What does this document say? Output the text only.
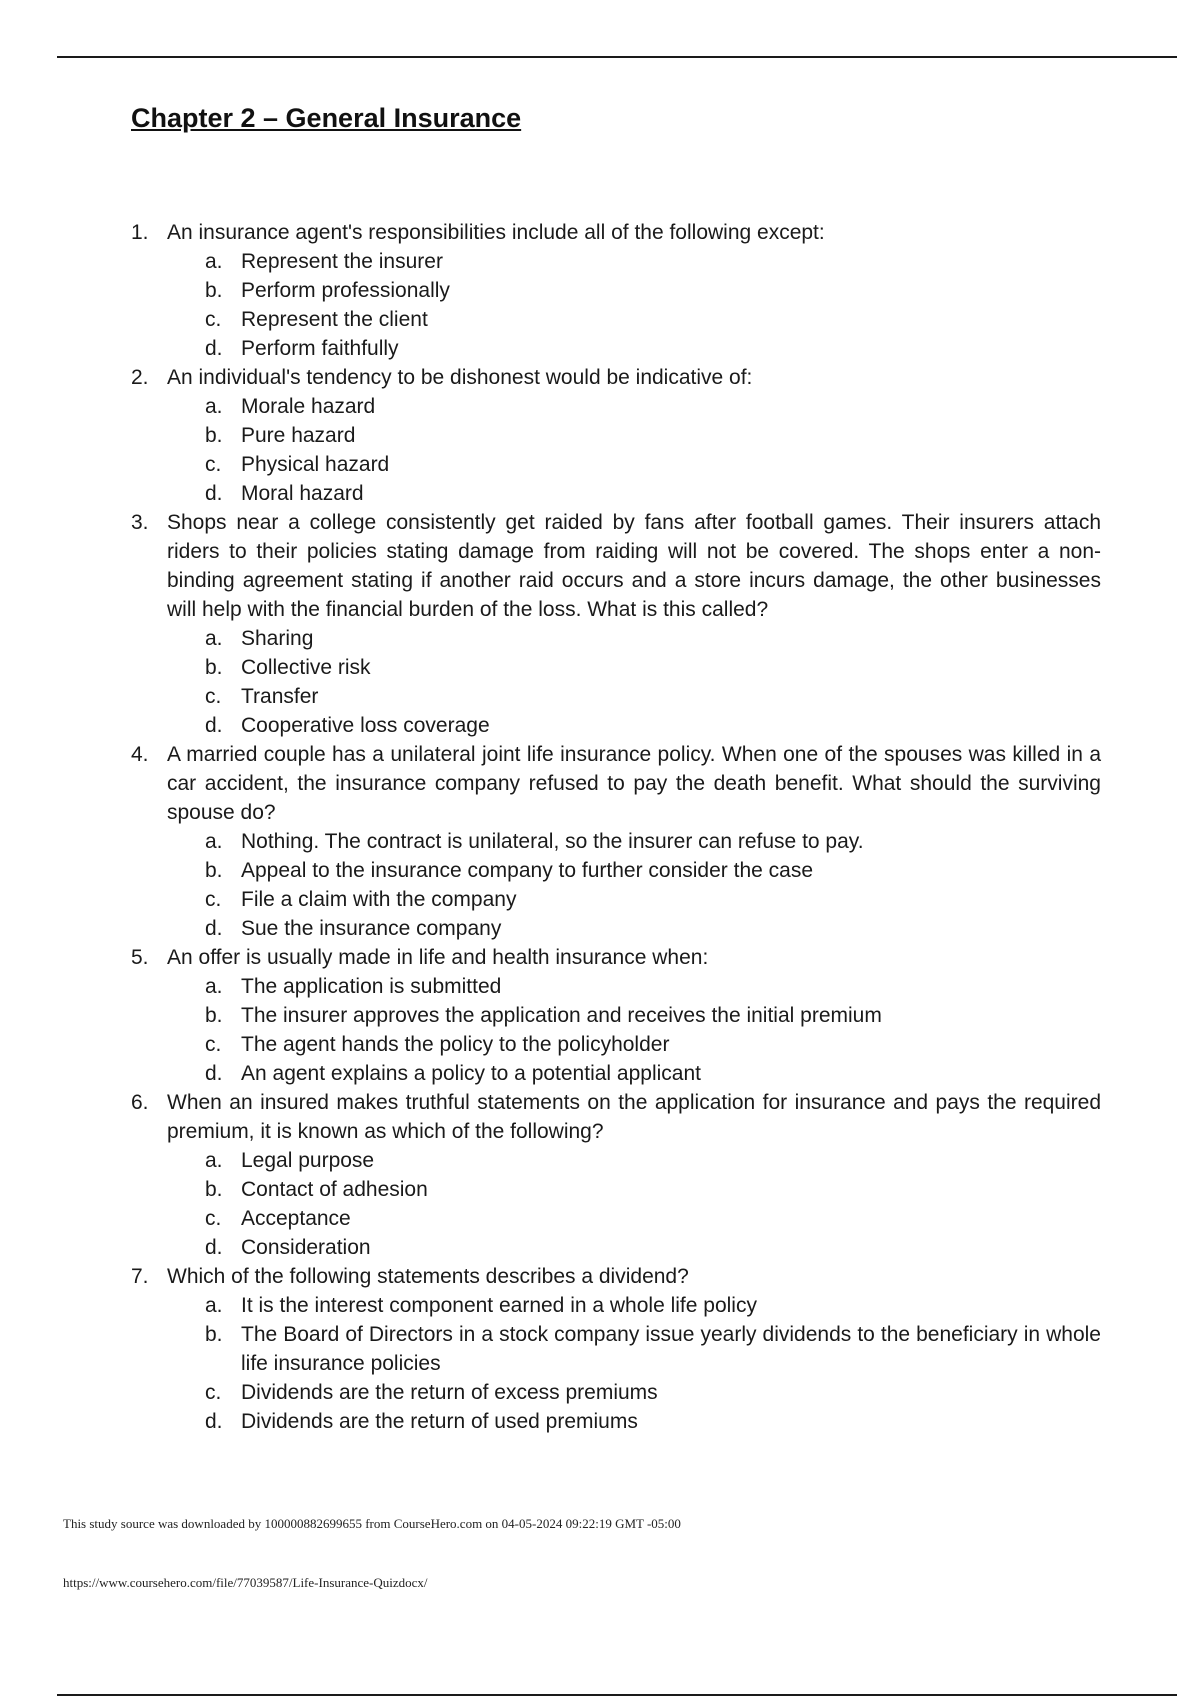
Chapter 2 – General Insurance
1. An insurance agent's responsibilities include all of the following except:
a. Represent the insurer
b. Perform professionally
c. Represent the client
d. Perform faithfully
2. An individual's tendency to be dishonest would be indicative of:
a. Morale hazard
b. Pure hazard
c. Physical hazard
d. Moral hazard
3. Shops near a college consistently get raided by fans after football games. Their insurers attach riders to their policies stating damage from raiding will not be covered. The shops enter a non-binding agreement stating if another raid occurs and a store incurs damage, the other businesses will help with the financial burden of the loss. What is this called?
a. Sharing
b. Collective risk
c. Transfer
d. Cooperative loss coverage
4. A married couple has a unilateral joint life insurance policy. When one of the spouses was killed in a car accident, the insurance company refused to pay the death benefit. What should the surviving spouse do?
a. Nothing. The contract is unilateral, so the insurer can refuse to pay.
b. Appeal to the insurance company to further consider the case
c. File a claim with the company
d. Sue the insurance company
5. An offer is usually made in life and health insurance when:
a. The application is submitted
b. The insurer approves the application and receives the initial premium
c. The agent hands the policy to the policyholder
d. An agent explains a policy to a potential applicant
6. When an insured makes truthful statements on the application for insurance and pays the required premium, it is known as which of the following?
a. Legal purpose
b. Contact of adhesion
c. Acceptance
d. Consideration
7. Which of the following statements describes a dividend?
a. It is the interest component earned in a whole life policy
b. The Board of Directors in a stock company issue yearly dividends to the beneficiary in whole life insurance policies
c. Dividends are the return of excess premiums
d. Dividends are the return of used premiums
This study source was downloaded by 100000882699655 from CourseHero.com on 04-05-2024 09:22:19 GMT -05:00
https://www.coursehero.com/file/77039587/Life-Insurance-Quizdocx/
